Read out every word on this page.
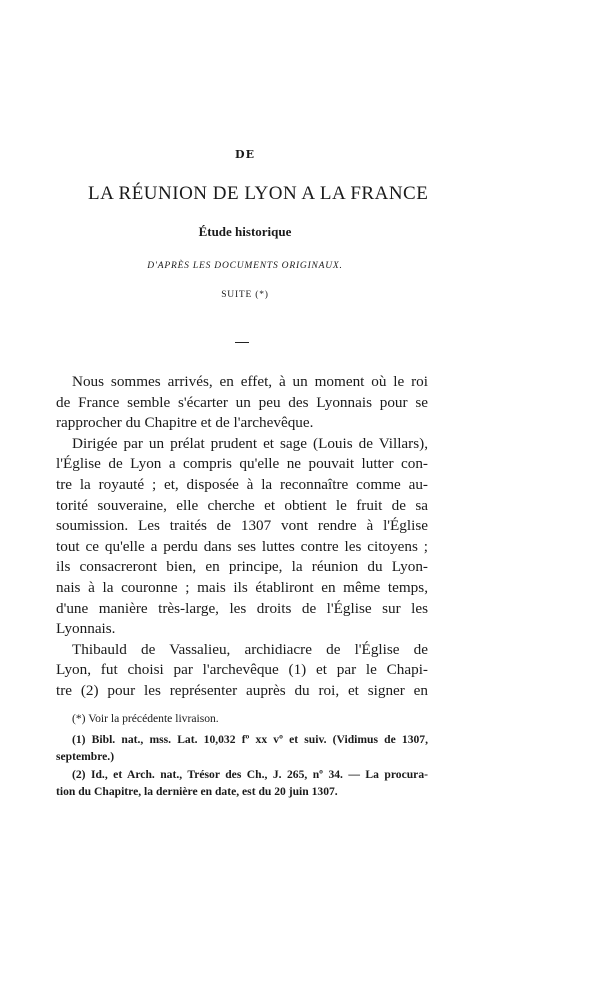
DE
LA RÉUNION DE LYON A LA FRANCE
Étude historique
D'APRÈS LES DOCUMENTS ORIGINAUX.
SUITE (*)
Nous sommes arrivés, en effet, à un moment où le roi
de France semble s'écarter un peu des Lyonnais pour se
rapprocher du Chapitre et de l'archevêque.
Dirigée par un prélat prudent et sage (Louis de Villars),
l'Église de Lyon a compris qu'elle ne pouvait lutter con-
tre la royauté ; et, disposée à la reconnaître comme au-
torité souveraine, elle cherche et obtient le fruit de sa
soumission. Les traités de 1307 vont rendre à l'Église
tout ce qu'elle a perdu dans ses luttes contre les citoyens ;
ils consacreront bien, en principe, la réunion du Lyon-
nais à la couronne ; mais ils établiront en même temps,
d'une manière très-large, les droits de l'Église sur les
Lyonnais.
Thibauld de Vassalieu, archidiacre de l'Église de
Lyon, fut choisi par l'archevêque (1) et par le Chapi-
tre (2) pour les représenter auprès du roi, et signer en
(*) Voir la précédente livraison.
(1) Bibl. nat., mss. Lat. 10,032 fº xx vº et suiv. (Vidimus de 1307,
septembre.)
(2) Id., et Arch. nat., Trésor des Ch., J. 265, nº 34. — La procura-
tion du Chapitre, la dernière en date, est du 20 juin 1307.
